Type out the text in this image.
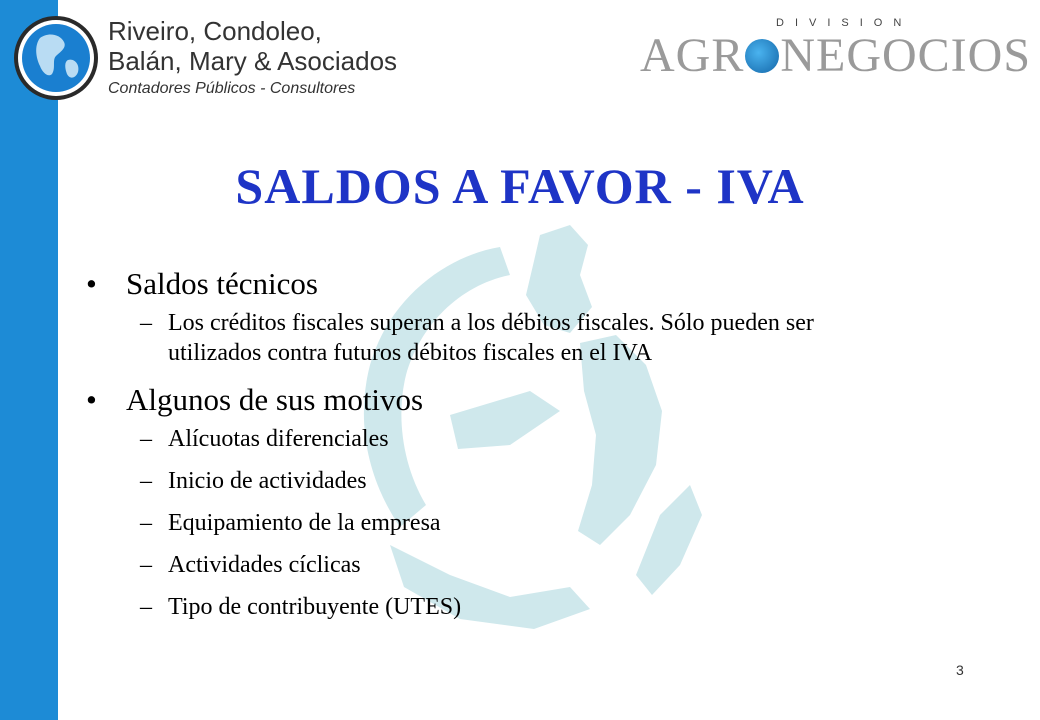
Riveiro, Condoleo,
Balán, Mary & Asociados
Contadores Públicos - Consultores
DIVISION
AGR NEGOCIOS
SALDOS A FAVOR - IVA
• Saldos técnicos
– Los créditos fiscales superan a los débitos fiscales. Sólo pueden ser utilizados contra futuros débitos fiscales en el IVA
• Algunos de sus motivos
– Alícuotas diferenciales
– Inicio de actividades
– Equipamiento de la empresa
– Actividades cíclicas
– Tipo de contribuyente (UTES)
3
